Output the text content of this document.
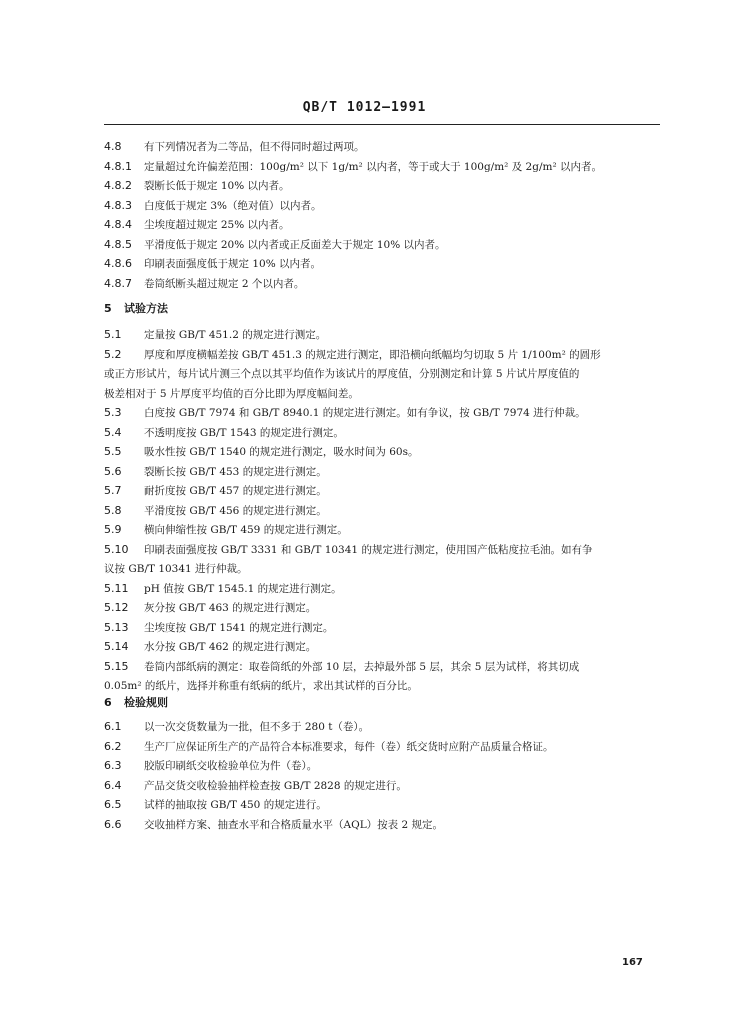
QB/T 1012—1991
4.8 有下列情况者为二等品，但不得同时超过两项。
4.8.1 定量超过允许偏差范围：100g/m² 以下 1g/m² 以内者，等于或大于 100g/m² 及 2g/m² 以内者。
4.8.2 裂断长低于规定 10% 以内者。
4.8.3 白度低于规定 3%（绝对值）以内者。
4.8.4 尘埃度超过规定 25% 以内者。
4.8.5 平滑度低于规定 20% 以内者或正反面差大于规定 10% 以内者。
4.8.6 印刷表面强度低于规定 10% 以内者。
4.8.7 卷筒纸断头超过规定 2 个以内者。
5 试验方法
5.1 定量按 GB/T 451.2 的规定进行测定。
5.2 厚度和厚度横幅差按 GB/T 451.3 的规定进行测定，即沿横向纸幅均匀切取 5 片 1/100m² 的圆形
或正方形试片，每片试片测三个点以其平均值作为该试片的厚度值，分别测定和计算 5 片试片厚度值的
极差相对于 5 片厚度平均值的百分比即为厚度幅间差。
5.3 白度按 GB/T 7974 和 GB/T 8940.1 的规定进行测定。如有争议，按 GB/T 7974 进行仲裁。
5.4 不透明度按 GB/T 1543 的规定进行测定。
5.5 吸水性按 GB/T 1540 的规定进行测定，吸水时间为 60s。
5.6 裂断长按 GB/T 453 的规定进行测定。
5.7 耐折度按 GB/T 457 的规定进行测定。
5.8 平滑度按 GB/T 456 的规定进行测定。
5.9 横向伸缩性按 GB/T 459 的规定进行测定。
5.10 印刷表面强度按 GB/T 3331 和 GB/T 10341 的规定进行测定，使用国产低粘度拉毛油。如有争
议按 GB/T 10341 进行仲裁。
5.11 pH 值按 GB/T 1545.1 的规定进行测定。
5.12 灰分按 GB/T 463 的规定进行测定。
5.13 尘埃度按 GB/T 1541 的规定进行测定。
5.14 水分按 GB/T 462 的规定进行测定。
5.15 卷筒内部纸病的测定：取卷筒纸的外部 10 层，去掉最外部 5 层，其余 5 层为试样，将其切成
0.05m² 的纸片，选择并称重有纸病的纸片，求出其试样的百分比。
6 检验规则
6.1 以一次交货数量为一批，但不多于 280 t（卷）。
6.2 生产厂应保证所生产的产品符合本标准要求，每件（卷）纸交货时应附产品质量合格证。
6.3 胶版印刷纸交收检验单位为件（卷）。
6.4 产品交货交收检验抽样检查按 GB/T 2828 的规定进行。
6.5 试样的抽取按 GB/T 450 的规定进行。
6.6 交收抽样方案、抽查水平和合格质量水平（AQL）按表 2 规定。
167
